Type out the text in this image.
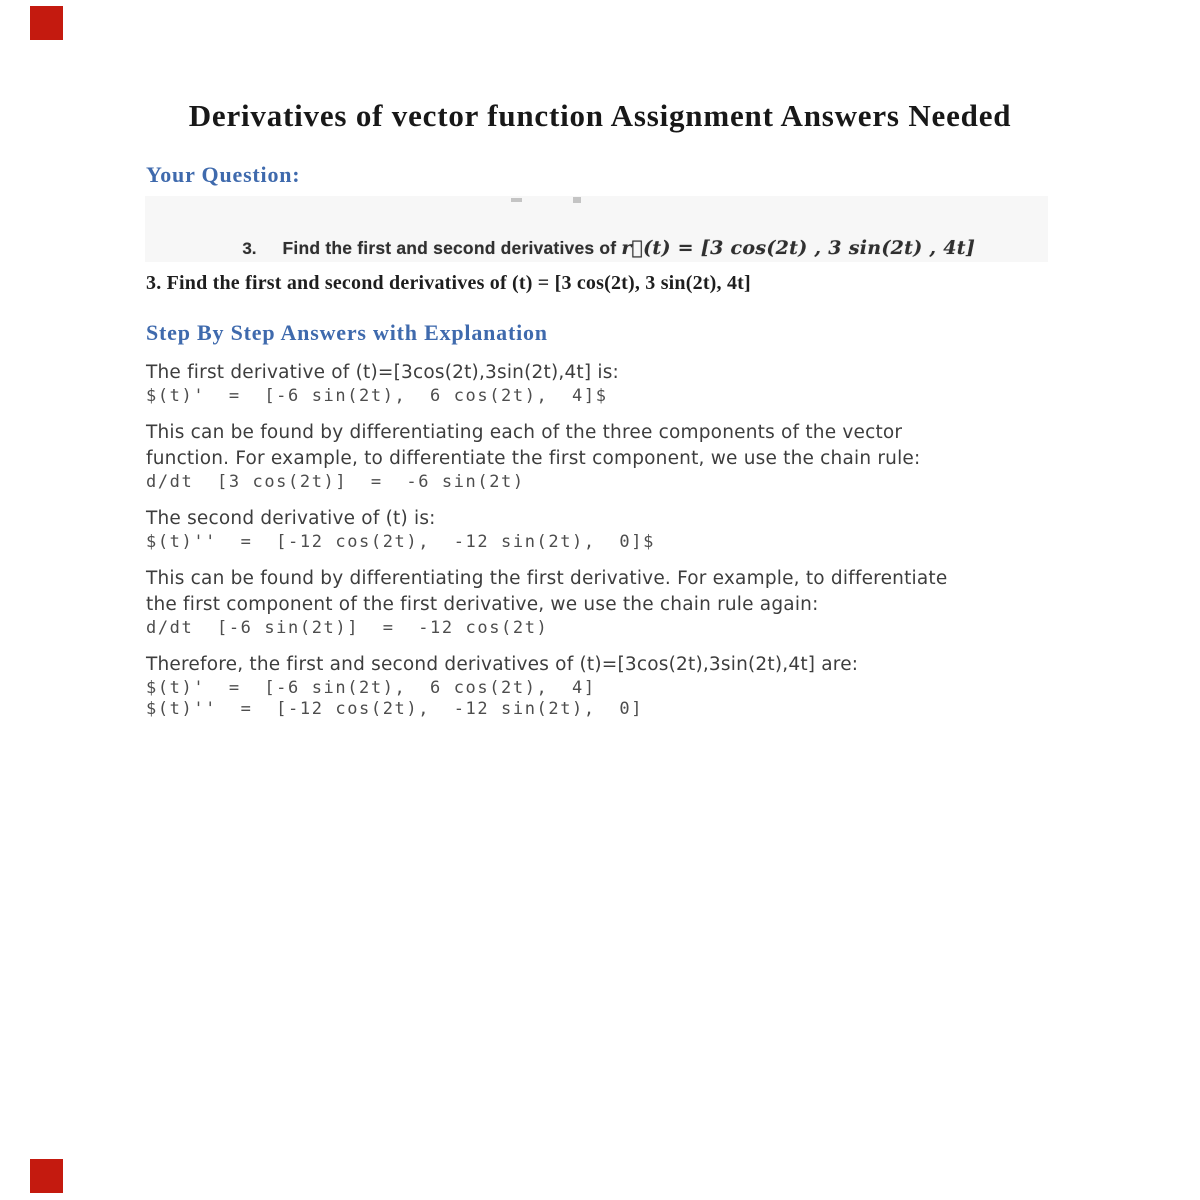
Derivatives of vector function Assignment Answers Needed
Your Question:

3. Find the first and second derivatives of r⃗(t) = [3 cos(2t) , 3 sin(2t) , 4t]

3. Find the first and second derivatives of (t) = [3 cos(2t), 3 sin(2t), 4t]
Step By Step Answers with Explanation
The first derivative of (t)=[3cos(2t),3sin(2t),4t] is:
$(t)'  =  [-6 sin(2t),  6 cos(2t),  4]$
This can be found by differentiating each of the three components of the vector
function. For example, to differentiate the first component, we use the chain rule:
d/dt  [3 cos(2t)]  =  -6 sin(2t)
The second derivative of (t) is:
$(t)''  =  [-12 cos(2t),  -12 sin(2t),  0]$
This can be found by differentiating the first derivative. For example, to differentiate
the first component of the first derivative, we use the chain rule again:
d/dt  [-6 sin(2t)]  =  -12 cos(2t)
Therefore, the first and second derivatives of (t)=[3cos(2t),3sin(2t),4t] are:
$(t)'  =  [-6 sin(2t),  6 cos(2t),  4]
$(t)''  =  [-12 cos(2t),  -12 sin(2t),  0]
